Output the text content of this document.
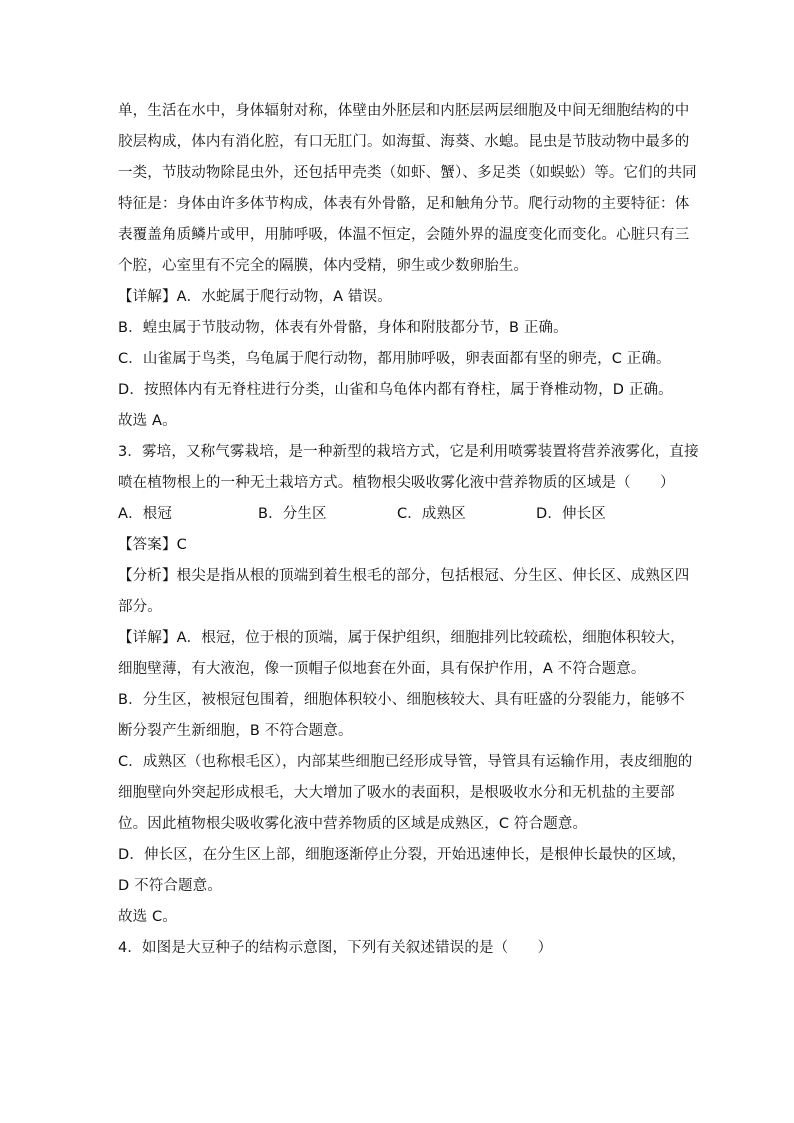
单，生活在水中，身体辐射对称，体壁由外胚层和内胚层两层细胞及中间无细胞结构的中
胶层构成，体内有消化腔，有口无肛门。如海蜇、海葵、水螅。昆虫是节肢动物中最多的
一类，节肢动物除昆虫外，还包括甲壳类（如虾、蟹）、多足类（如蜈蚣）等。它们的共同
特征是：身体由许多体节构成，体表有外骨骼，足和触角分节。爬行动物的主要特征：体
表覆盖角质鳞片或甲，用肺呼吸，体温不恒定，会随外界的温度变化而变化。心脏只有三
个腔，心室里有不完全的隔膜，体内受精，卵生或少数卵胎生。
【详解】A．水蛇属于爬行动物，A 错误。
B．蝗虫属于节肢动物，体表有外骨骼，身体和附肢都分节，B 正确。
C．山雀属于鸟类，乌龟属于爬行动物，都用肺呼吸，卵表面都有坚的卵壳，C 正确。
D．按照体内有无脊柱进行分类，山雀和乌龟体内都有脊柱，属于脊椎动物，D 正确。
故选 A。
3．雾培，又称气雾栽培，是一种新型的栽培方式，它是利用喷雾装置将营养液雾化，直接
喷在植物根上的一种无土栽培方式。植物根尖吸收雾化液中营养物质的区域是（　　）
A．根冠	B．分生区	C．成熟区	D．伸长区
【答案】C
【分析】根尖是指从根的顶端到着生根毛的部分，包括根冠、分生区、伸长区、成熟区四
部分。
【详解】A．根冠，位于根的顶端，属于保护组织，细胞排列比较疏松，细胞体积较大，
细胞壁薄，有大液泡，像一顶帽子似地套在外面，具有保护作用，A 不符合题意。
B．分生区，被根冠包围着，细胞体积较小、细胞核较大、具有旺盛的分裂能力，能够不
断分裂产生新细胞，B 不符合题意。
C．成熟区（也称根毛区），内部某些细胞已经形成导管，导管具有运输作用，表皮细胞的
细胞壁向外突起形成根毛，大大增加了吸水的表面积，是根吸收水分和无机盐的主要部
位。因此植物根尖吸收雾化液中营养物质的区域是成熟区，C 符合题意。
D．伸长区，在分生区上部，细胞逐渐停止分裂，开始迅速伸长，是根伸长最快的区域，
D 不符合题意。
故选 C。
4．如图是大豆种子的结构示意图，下列有关叙述错误的是（　　）
